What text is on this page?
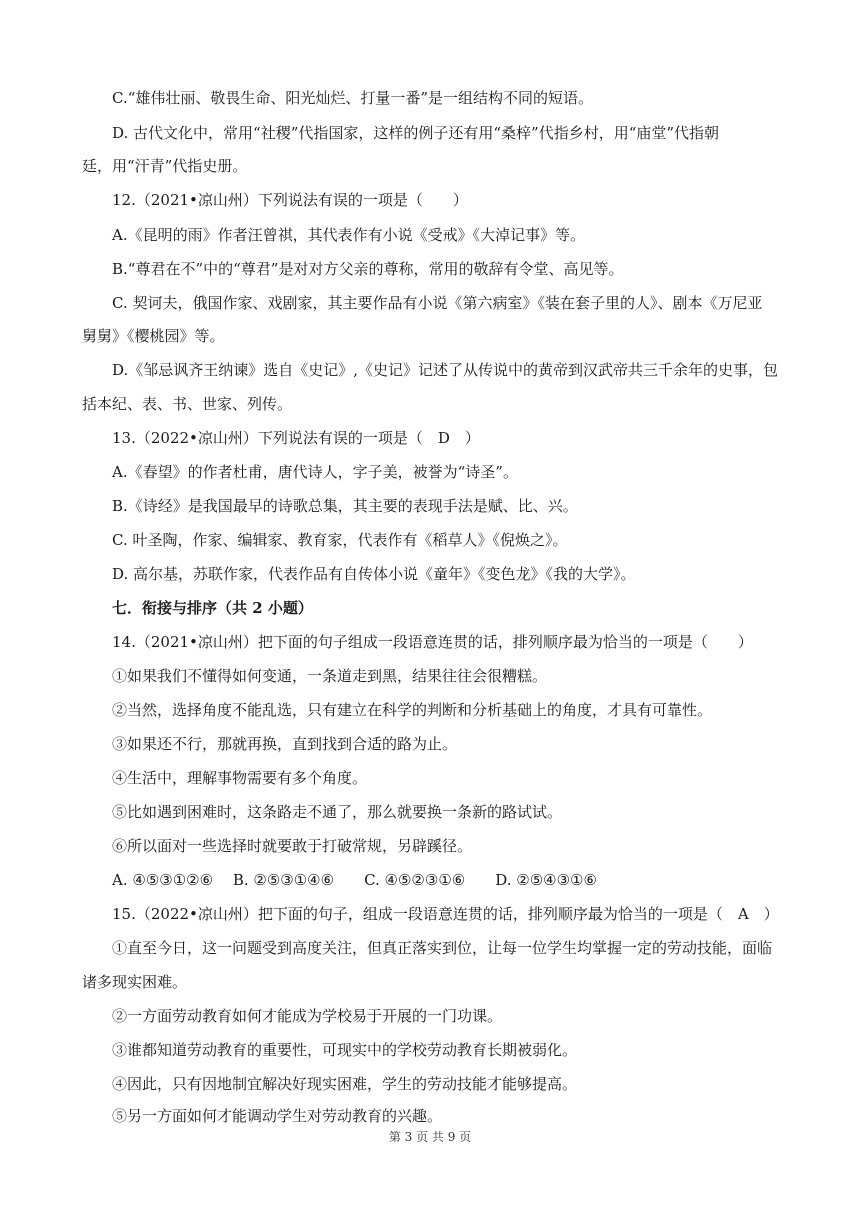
C.“雄伟壮丽、敬畏生命、阳光灿烂、打量一番”是一组结构不同的短语。
D. 古代文化中，常用“社稷”代指国家，这样的例子还有用“桑梓”代指乡村，用“庙堂”代指朝
廷，用“汗青”代指史册。
12.（2021•凉山州）下列说法有误的一项是（　　）
A.《昆明的雨》作者汪曾祺，其代表作有小说《受戒》《大淖记事》等。
B.“尊君在不”中的“尊君”是对对方父亲的尊称，常用的敬辞有令堂、高见等。
C. 契诃夫，俄国作家、戏剧家，其主要作品有小说《第六病室》《装在套子里的人》、剧本《万尼亚
舅舅》《樱桃园》等。
D.《邹忌讽齐王纳谏》选自《史记》,《史记》记述了从传说中的黄帝到汉武帝共三千余年的史事，包
括本纪、表、书、世家、列传。
13.（2022•凉山州）下列说法有误的一项是（　D　）
A.《春望》的作者杜甫，唐代诗人，字子美，被誉为“诗圣”。
B.《诗经》是我国最早的诗歌总集，其主要的表现手法是赋、比、兴。
C. 叶圣陶，作家、编辑家、教育家，代表作有《稻草人》《倪焕之》。
D. 高尔基，苏联作家，代表作品有自传体小说《童年》《变色龙》《我的大学》。
七．衔接与排序（共 2 小题）
14.（2021•凉山州）把下面的句子组成一段语意连贯的话，排列顺序最为恰当的一项是（　　）
①如果我们不懂得如何变通，一条道走到黑，结果往往会很糟糕。
②当然，选择角度不能乱选，只有建立在科学的判断和分析基础上的角度，才具有可靠性。
③如果还不行，那就再换，直到找到合适的路为止。
④生活中，理解事物需要有多个角度。
⑤比如遇到困难时，这条路走不通了，那么就要换一条新的路试试。
⑥所以面对一些选择时就要敢于打破常规，另辟蹊径。
A. ④⑤③①②⑥　 B. ②⑤③①④⑥　　C. ④⑤②③①⑥　　D. ②⑤④③①⑥
15.（2022•凉山州）把下面的句子，组成一段语意连贯的话，排列顺序最为恰当的一项是（　A　）
①直至今日，这一问题受到高度关注，但真正落实到位，让每一位学生均掌握一定的劳动技能，面临
诸多现实困难。
②一方面劳动教育如何才能成为学校易于开展的一门功课。
③谁都知道劳动教育的重要性，可现实中的学校劳动教育长期被弱化。
④因此，只有因地制宜解决好现实困难，学生的劳动技能才能够提高。
⑤另一方面如何才能调动学生对劳动教育的兴趣。
第 3 页 共 9 页
